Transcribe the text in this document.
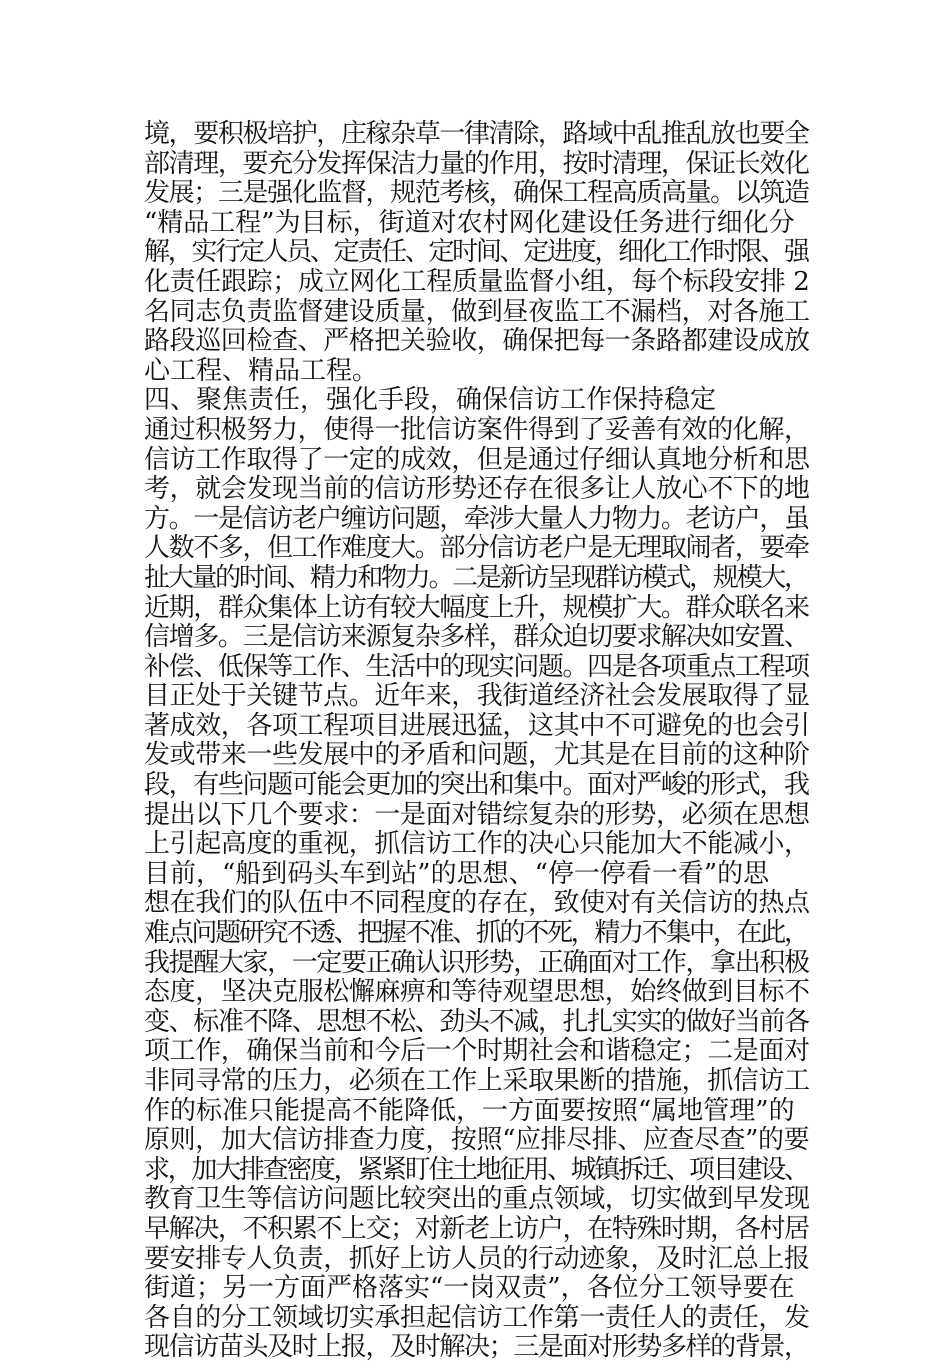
境，要积极培护，庄稼杂草一律清除，路域中乱推乱放也要全
部清理，要充分发挥保洁力量的作用，按时清理，保证长效化
发展；三是强化监督，规范考核，确保工程高质高量。以筑造
“精品工程”为目标，街道对农村网化建设任务进行细化分
解，实行定人员、定责任、定时间、定进度，细化工作时限、强
化责任跟踪；成立网化工程质量监督小组，每个标段安排 2
名同志负责监督建设质量，做到昼夜监工不漏档，对各施工
路段巡回检查、严格把关验收，确保把每一条路都建设成放
心工程、精品工程。
四、聚焦责任，强化手段，确保信访工作保持稳定
通过积极努力，使得一批信访案件得到了妥善有效的化解，
信访工作取得了一定的成效，但是通过仔细认真地分析和思
考，就会发现当前的信访形势还存在很多让人放心不下的地
方。一是信访老户缠访问题，牵涉大量人力物力。老访户，虽
人数不多，但工作难度大。部分信访老户是无理取闹者，要牵
扯大量的时间、精力和物力。二是新访呈现群访模式，规模大，
近期，群众集体上访有较大幅度上升，规模扩大。群众联名来
信增多。三是信访来源复杂多样，群众迫切要求解决如安置、
补偿、低保等工作、生活中的现实问题。四是各项重点工程项
目正处于关键节点。近年来，我街道经济社会发展取得了显
著成效，各项工程项目进展迅猛，这其中不可避免的也会引
发或带来一些发展中的矛盾和问题，尤其是在目前的这种阶
段，有些问题可能会更加的突出和集中。面对严峻的形式，我
提出以下几个要求：一是面对错综复杂的形势，必须在思想
上引起高度的重视，抓信访工作的决心只能加大不能减小，
目前，“船到码头车到站”的思想、“停一停看一看”的思
想在我们的队伍中不同程度的存在，致使对有关信访的热点
难点问题研究不透、把握不准、抓的不死，精力不集中，在此，
我提醒大家，一定要正确认识形势，正确面对工作，拿出积极
态度，坚决克服松懈麻痹和等待观望思想，始终做到目标不
变、标准不降、思想不松、劲头不减，扎扎实实的做好当前各
项工作，确保当前和今后一个时期社会和谐稳定；二是面对
非同寻常的压力，必须在工作上采取果断的措施，抓信访工
作的标准只能提高不能降低，一方面要按照“属地管理”的
原则，加大信访排查力度，按照“应排尽排、应查尽查”的要
求，加大排查密度，紧紧盯住土地征用、城镇拆迁、项目建设、
教育卫生等信访问题比较突出的重点领域，切实做到早发现
早解决，不积累不上交；对新老上访户，在特殊时期，各村居
要安排专人负责，抓好上访人员的行动迹象，及时汇总上报
街道；另一方面严格落实“一岗双责”，各位分工领导要在
各自的分工领域切实承担起信访工作第一责任人的责任，发
现信访苗头及时上报，及时解决；三是面对形势多样的背景，
